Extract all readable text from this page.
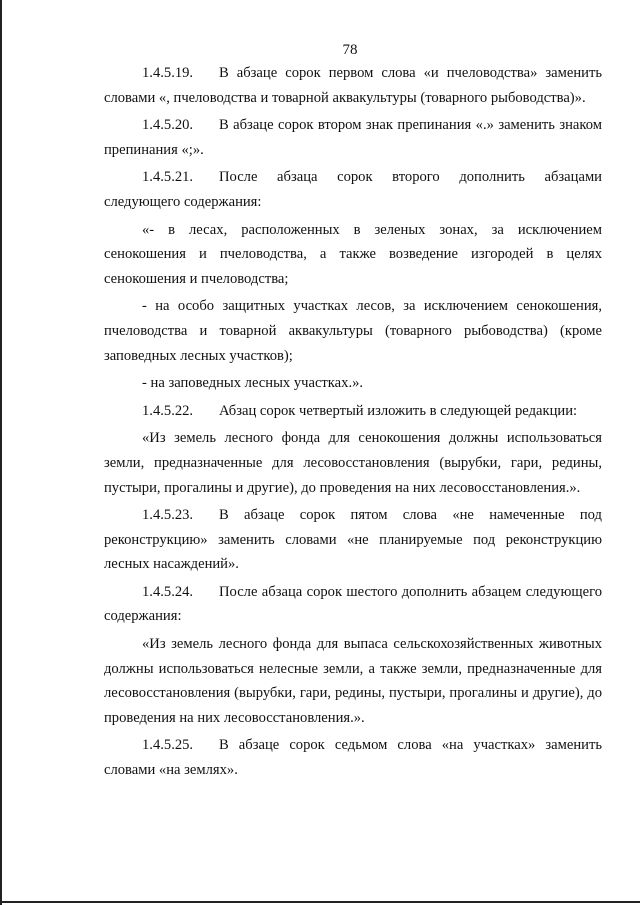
78

1.4.5.19. В абзаце сорок первом слова «и пчеловодства» заменить словами «, пчеловодства и товарной аквакультуры (товарного рыбоводства)».

1.4.5.20. В абзаце сорок втором знак препинания «.» заменить знаком препинания «;».

1.4.5.21. После абзаца сорок второго дополнить абзацами следующего содержания:

«- в лесах, расположенных в зеленых зонах, за исключением сенокошения и пчеловодства, а также возведение изгородей в целях сенокошения и пчеловодства;

- на особо защитных участках лесов, за исключением сенокошения, пчеловодства и товарной аквакультуры (товарного рыбоводства) (кроме заповедных лесных участков);

- на заповедных лесных участках.».

1.4.5.22. Абзац сорок четвертый изложить в следующей редакции:

«Из земель лесного фонда для сенокошения должны использоваться земли, предназначенные для лесовосстановления (вырубки, гари, редины, пустыри, прогалины и другие), до проведения на них лесовосстановления.».

1.4.5.23. В абзаце сорок пятом слова «не намеченные под реконструкцию» заменить словами «не планируемые под реконструкцию лесных насаждений».

1.4.5.24. После абзаца сорок шестого дополнить абзацем следующего содержания:

«Из земель лесного фонда для выпаса сельскохозяйственных животных должны использоваться нелесные земли, а также земли, предназначенные для лесовосстановления (вырубки, гари, редины, пустыри, прогалины и другие), до проведения на них лесовосстановления.».

1.4.5.25. В абзаце сорок седьмом слова «на участках» заменить словами «на землях».
